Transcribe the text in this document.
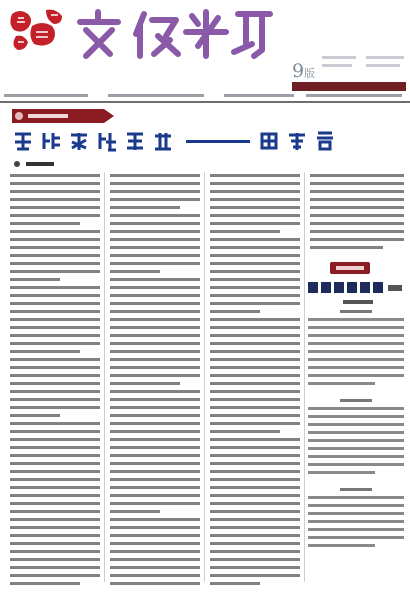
9版
